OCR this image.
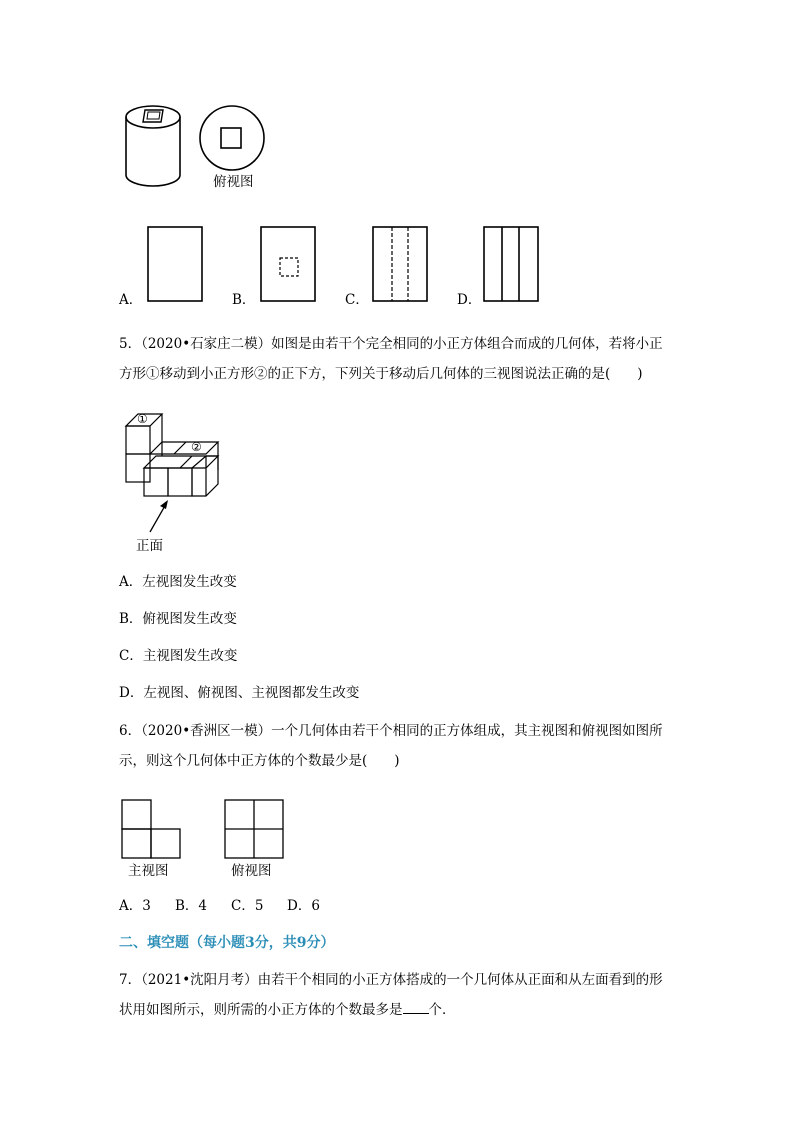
俯视图
A．	B．	C．	D．
5．（2020•石家庄二模）如图是由若干个完全相同的小正方体组合而成的几何体，若将小正
方形①移动到小正方形②的正下方，下列关于移动后几何体的三视图说法正确的是(　　)
①
②
正面
A．左视图发生改变
B．俯视图发生改变
C．主视图发生改变
D．左视图、俯视图、主视图都发生改变
6．（2020•香洲区一模）一个几何体由若干个相同的正方体组成，其主视图和俯视图如图所
示，则这个几何体中正方体的个数最少是(　　)
主视图	俯视图
A．3 B．4 C．5 D．6
二、填空题（每小题3分，共9分）
7．（2021•沈阳月考）由若干个相同的小正方体搭成的一个几何体从正面和从左面看到的形
状用如图所示，则所需的小正方体的个数最多是 个．
